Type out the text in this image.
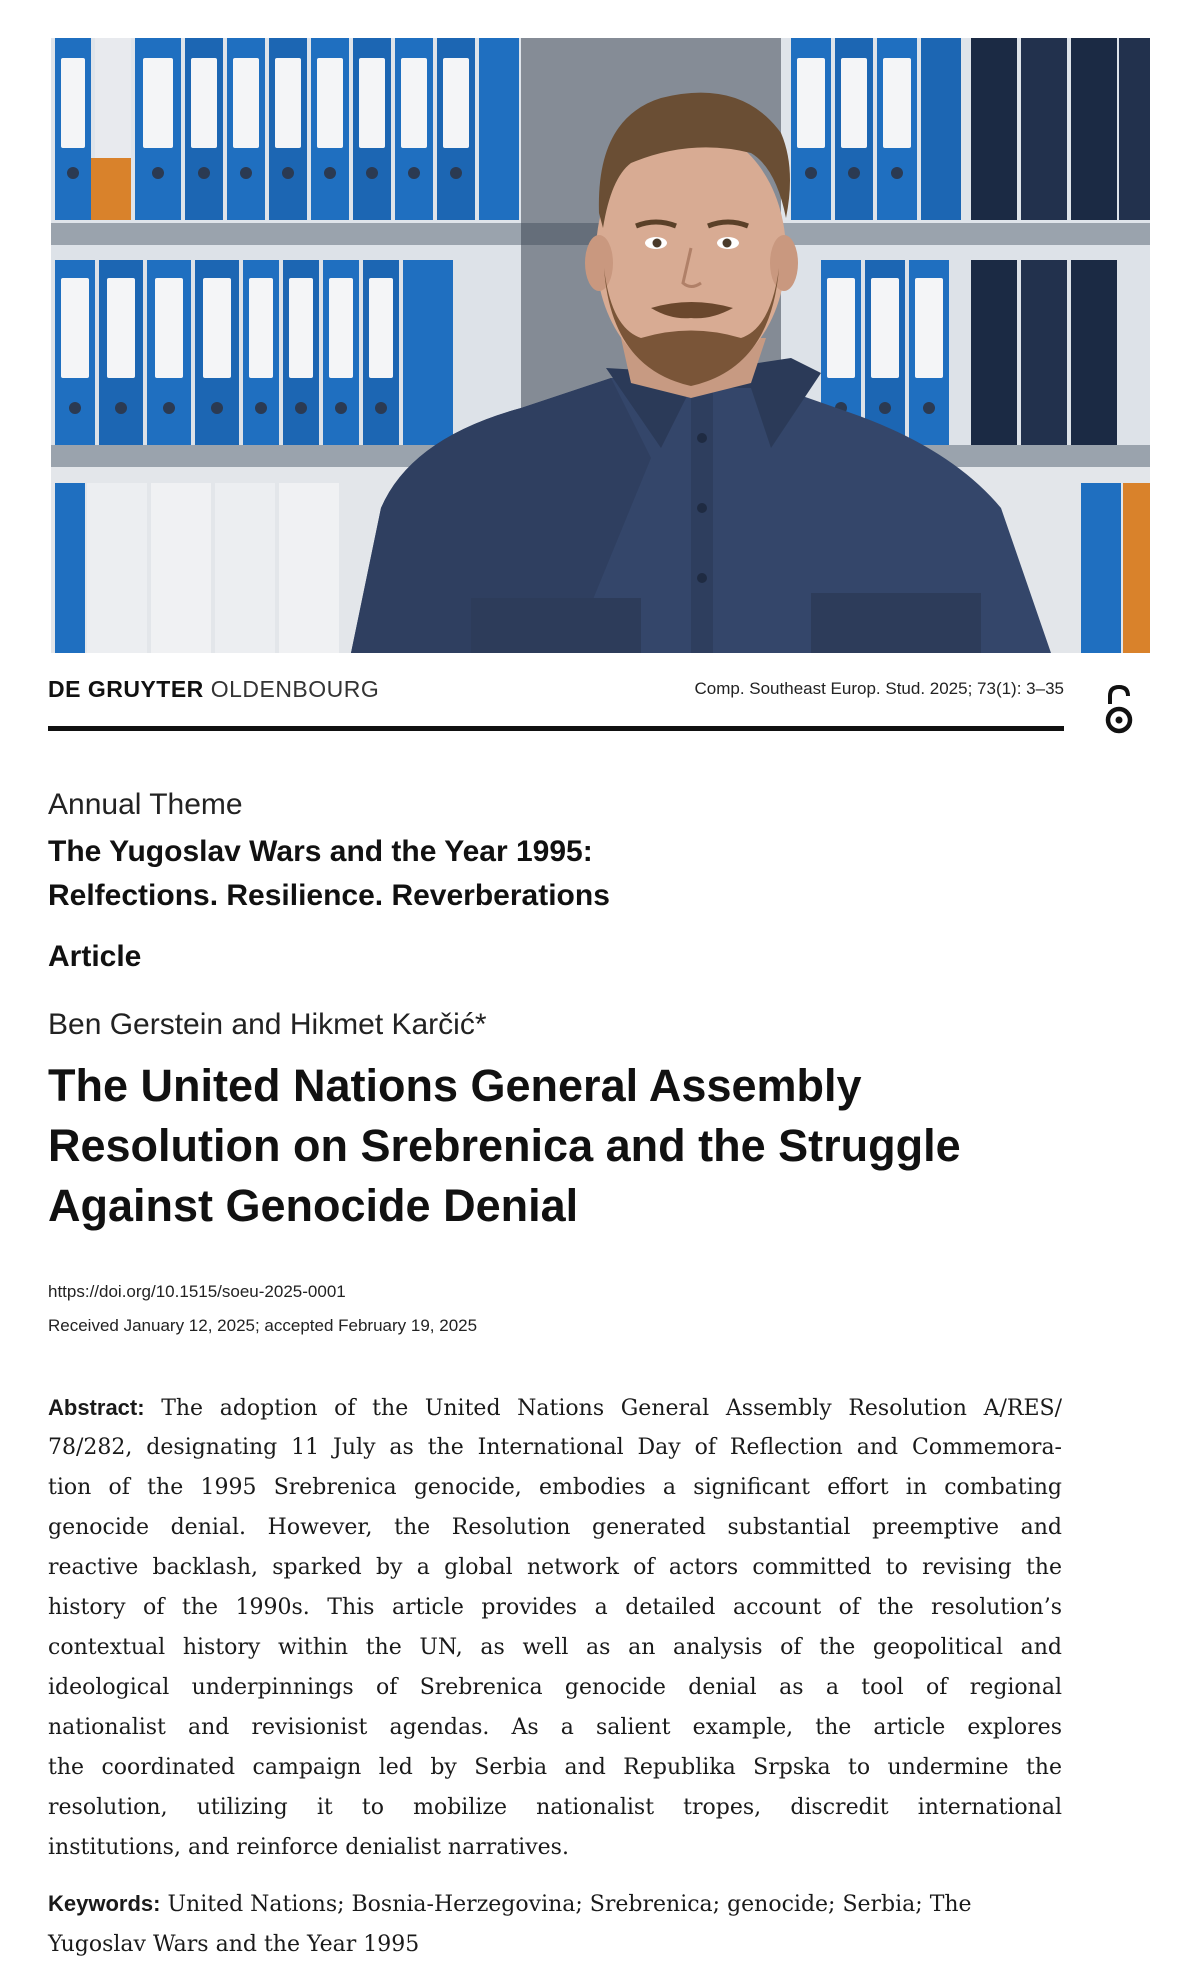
DE GRUYTER OLDENBOURG	Comp. Southeast Europ. Stud. 2025; 73(1): 3–35
Annual Theme
The Yugoslav Wars and the Year 1995:
Relfections. Resilience. Reverberations
Article
Ben Gerstein and Hikmet Karčić*
The United Nations General Assembly
Resolution on Srebrenica and the Struggle
Against Genocide Denial
https://doi.org/10.1515/soeu-2025-0001
Received January 12, 2025; accepted February 19, 2025
Abstract: The adoption of the United Nations General Assembly Resolution A/RES/
78/282, designating 11 July as the International Day of Reflection and Commemora-
tion of the 1995 Srebrenica genocide, embodies a significant effort in combating
genocide denial. However, the Resolution generated substantial preemptive and
reactive backlash, sparked by a global network of actors committed to revising the
history of the 1990s. This article provides a detailed account of the resolution’s
contextual history within the UN, as well as an analysis of the geopolitical and
ideological underpinnings of Srebrenica genocide denial as a tool of regional
nationalist and revisionist agendas. As a salient example, the article explores
the coordinated campaign led by Serbia and Republika Srpska to undermine the
resolution, utilizing it to mobilize nationalist tropes, discredit international
institutions, and reinforce denialist narratives.
Keywords: United Nations; Bosnia-Herzegovina; Srebrenica; genocide; Serbia; The
Yugoslav Wars and the Year 1995
